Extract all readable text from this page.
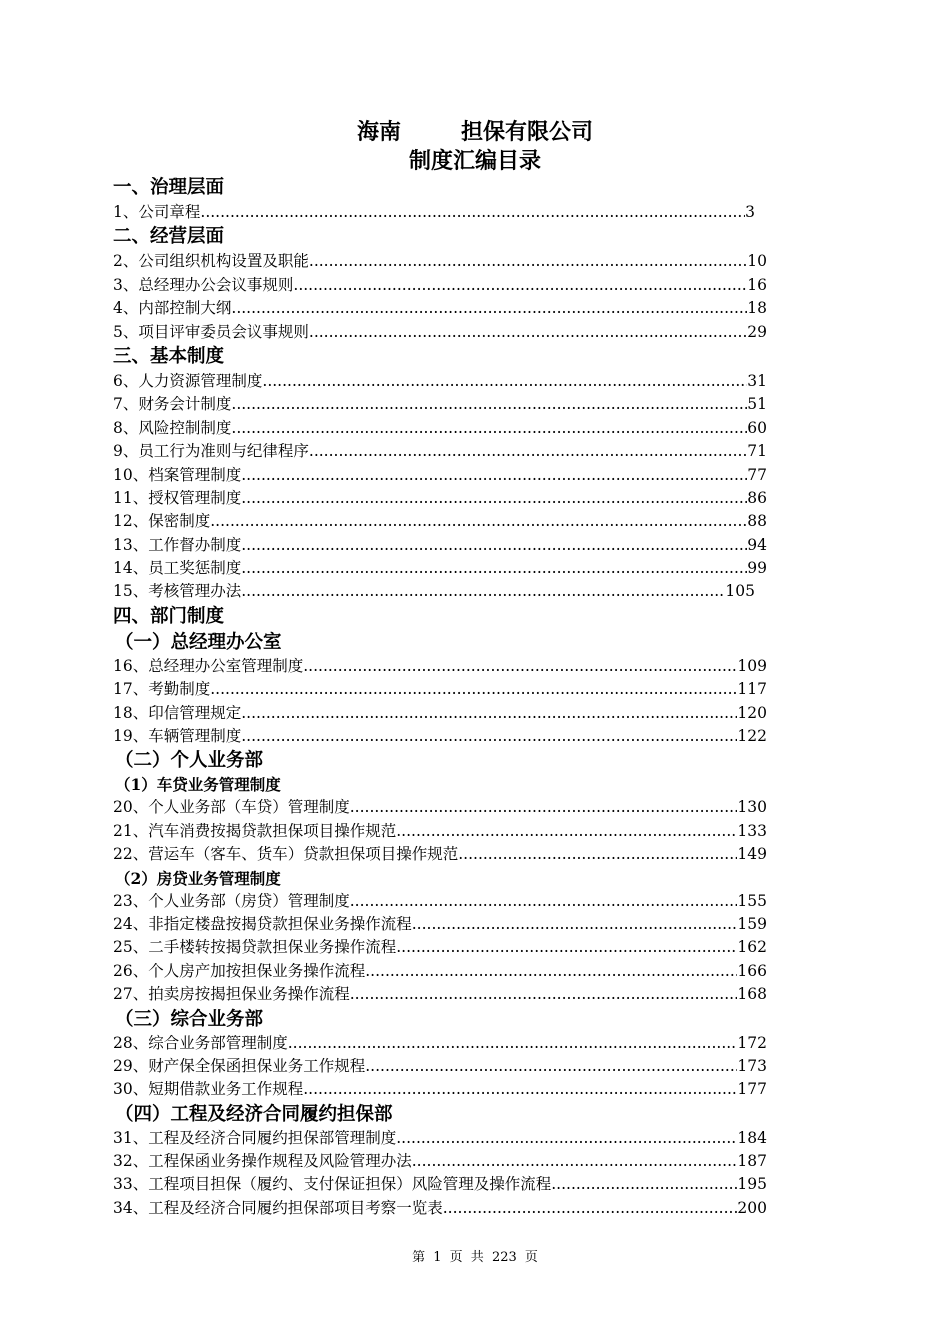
海南	担保有限公司
制度汇编目录
一、治理层面
1、 公司章程 .....	3
二、经营层面
2、 公司组织机构设置及职能 .....	10
3、 总经理办公会议事规则 .....	16
4、 内部控制大纲 .....	18
5、 项目评审委员会议事规则 .....	29
三、基本制度
6、 人力资源管理制度 .....	31
7、 财务会计制度 .....	51
8、 风险控制制度 .....	60
9、 员工行为准则与纪律程序 .....	71
10、 档案管理制度 .....	77
11、 授权管理制度 .....	86
12、 保密制度 .....	88
13、 工作督办制度 .....	94
14、 员工奖惩制度 .....	99
15、 考核管理办法 .....	105
四、部门制度
（一）总经理办公室
16、 总经理办公室管理制度 .....	109
17、 考勤制度 .....	117
18、 印信管理规定 .....	120
19、 车辆管理制度 .....	122
（二）个人业务部
（1）车贷业务管理制度
20、 个人业务部（车贷）管理制度 .....	130
21、 汽车消费按揭贷款担保项目操作规范 .....	133
22、 营运车（客车、货车）贷款担保项目操作规范 .....	149
（2）房贷业务管理制度
23、 个人业务部（房贷）管理制度 .....	155
24、 非指定楼盘按揭贷款担保业务操作流程 .....	159
25、 二手楼转按揭贷款担保业务操作流程 .....	162
26、 个人房产加按担保业务操作流程 .....	166
27、 拍卖房按揭担保业务操作流程 .....	168
（三）综合业务部
28、 综合业务部管理制度 .....	172
29、 财产保全保函担保业务工作规程 .....	173
30、 短期借款业务工作规程 .....	177
（四）工程及经济合同履约担保部
31、 工程及经济合同履约担保部管理制度 .....	184
32、 工程保函业务操作规程及风险管理办法 .....	187
33、 工程项目担保（履约、支付保证担保）风险管理及操作流程 .....	195
34、 工程及经济合同履约担保部项目考察一览表 .....	200
第 1 页 共 223 页
